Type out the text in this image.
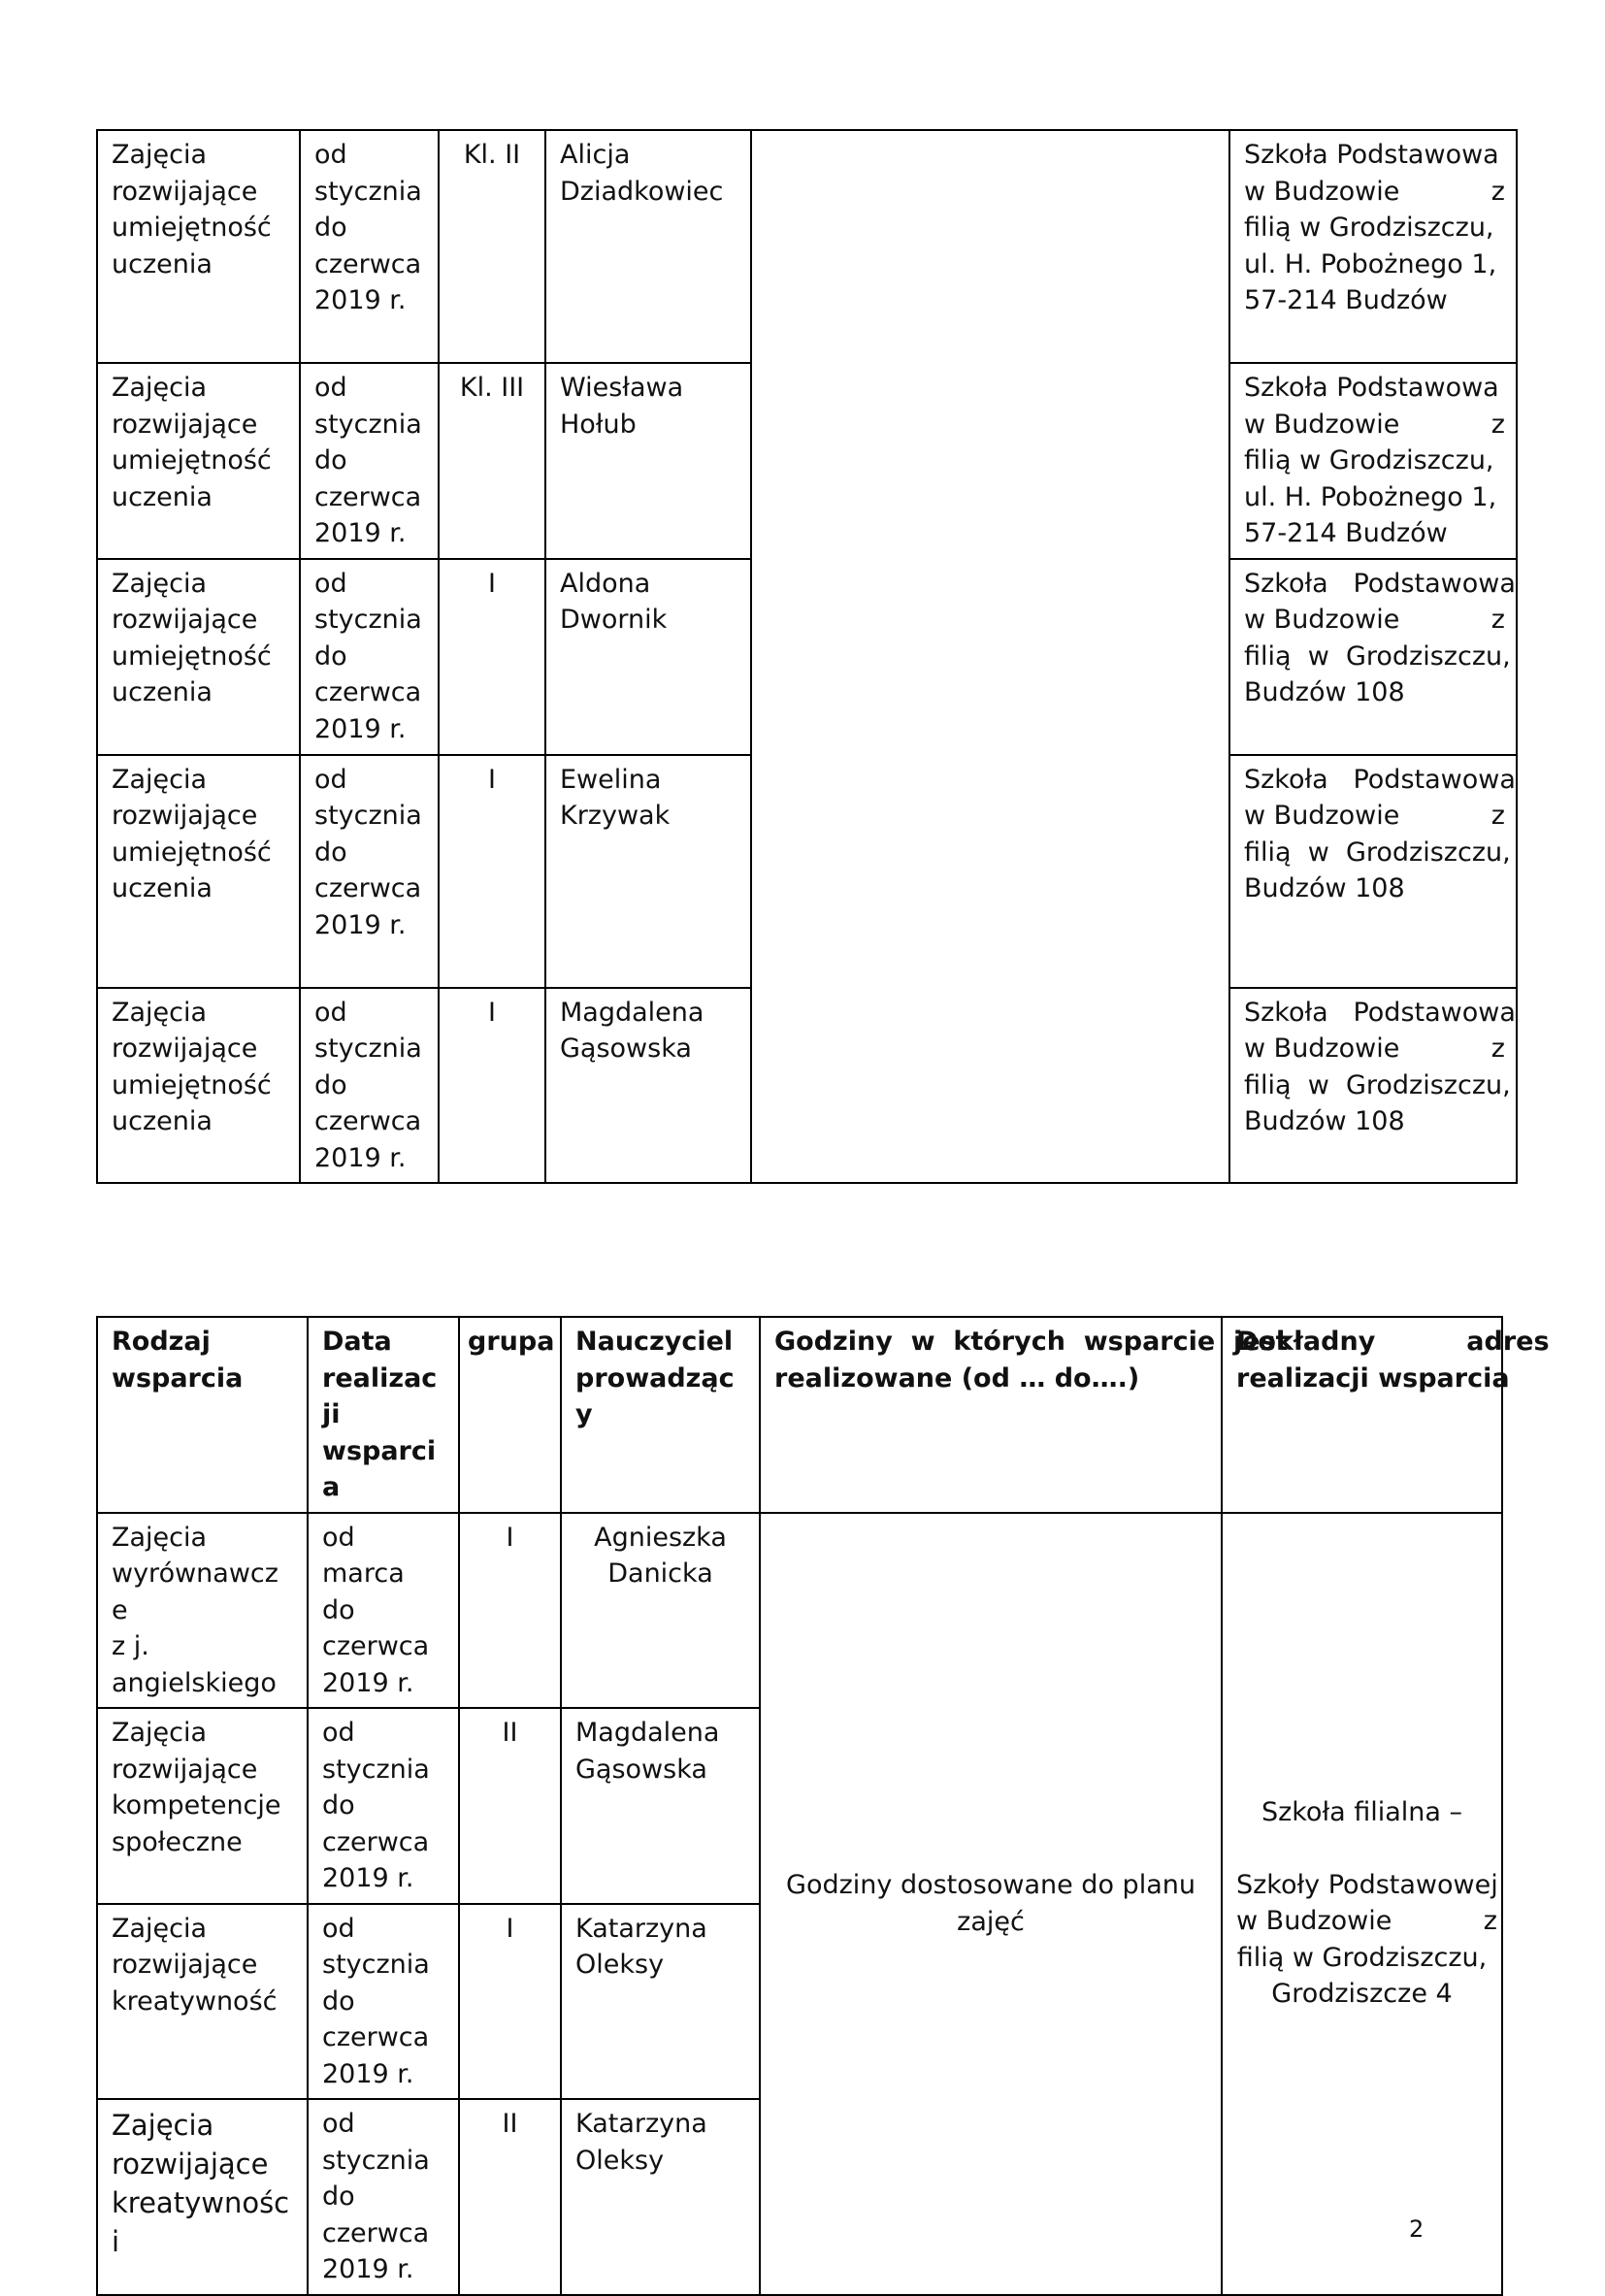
Zajęcia
rozwijające
umiejętność
uczenia	od
stycznia
do
czerwca
2019 r.	Kl. II	Alicja
Dziadkowiec		Szkoła Podstawowa
w Budzowie           z
filią w Grodziszczu,
ul. H. Pobożnego 1,
57-214 Budzów

Zajęcia
rozwijające
umiejętność
uczenia	od
stycznia
do
czerwca
2019 r.	Kl. III	Wiesława
Hołub		Szkoła Podstawowa
w Budzowie           z
filią w Grodziszczu,
ul. H. Pobożnego 1,
57-214 Budzów

Zajęcia
rozwijające
umiejętność
uczenia	od
stycznia
do
czerwca
2019 r.	I	Aldona
Dwornik		Szkoła   Podstawowa
w Budzowie           z
filią  w  Grodziszczu,
Budzów 108

Zajęcia
rozwijające
umiejętność
uczenia	od
stycznia
do
czerwca
2019 r.	I	Ewelina
Krzywak		Szkoła   Podstawowa
w Budzowie           z
filią  w  Grodziszczu,
Budzów 108

Zajęcia
rozwijające
umiejętność
uczenia	od
stycznia
do
czerwca
2019 r.	I	Magdalena
Gąsowska		Szkoła   Podstawowa
w Budzowie           z
filią  w  Grodziszczu,
Budzów 108
Rodzaj
wsparcia	Data
realizacji
wsparcia	grupa	Nauczyciel
prowadzący	Godziny  w  których  wsparcie  jest
realizowane (od … do….)	Dokładny          adres
realizacji wsparcia

Zajęcia
wyrównawcze
z j.
angielskiego	od marca
do
czerwca
2019 r.	I	Agnieszka
Danicka	Godziny dostosowane do planu
zajęć	Szkoła filialna –
Szkoły Podstawowej
w Budzowie           z
filią w Grodziszczu,
Grodziszcze 4

Zajęcia
rozwijające
kompetencje
społeczne	od
stycznia
do
czerwca
2019 r.	II	Magdalena
Gąsowska		

Zajęcia
rozwijające
kreatywność	od
stycznia
do
czerwca
2019 r.	I	Katarzyna
Oleksy		

Zajęcia
rozwijające
kreatywności	od
stycznia
do
czerwca
2019 r.	II	Katarzyna
Oleksy		
2
